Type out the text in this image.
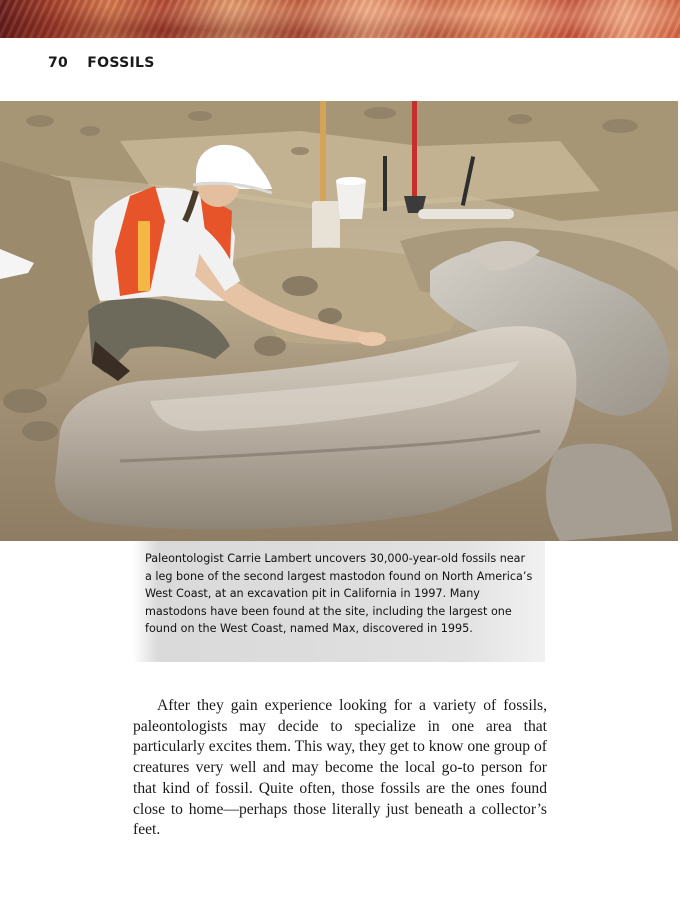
70 FOSSILS

Paleontologist Carrie Lambert uncovers 30,000-year-old fossils near a leg bone of the second largest mastodon found on North America’s West Coast, at an excavation pit in California in 1997. Many mastodons have been found at the site, including the largest one found on the West Coast, named Max, discovered in 1995.

After they gain experience looking for a variety of fossils, paleontologists may decide to specialize in one area that particularly excites them. This way, they get to know one group of creatures very well and may become the local go-to person for that kind of fossil. Quite often, those fossils are the ones found close to home—perhaps those literally just beneath a collector’s feet.
